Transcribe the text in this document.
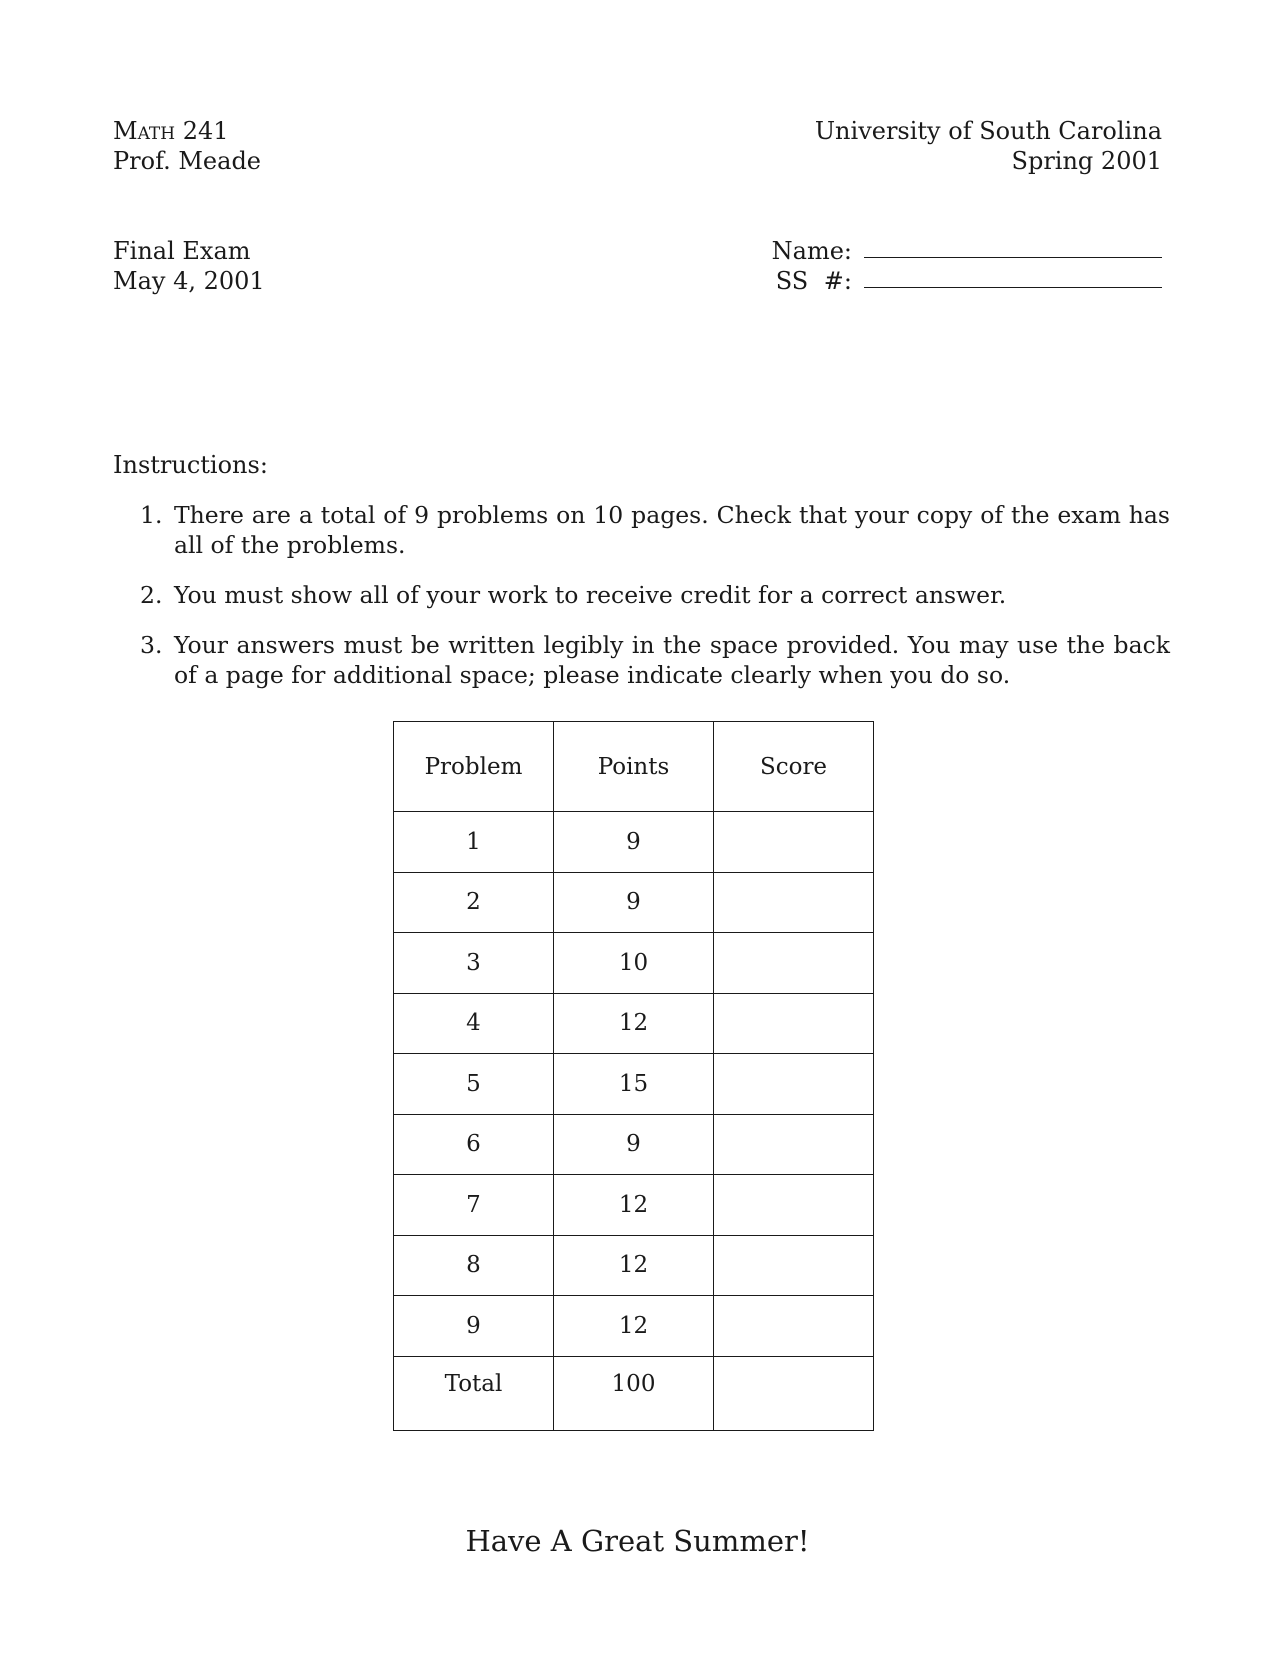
Math 241
Prof. Meade
University of South Carolina
Spring 2001
Final Exam
May 4, 2001
Name:
SS #:
Instructions:
1. There are a total of 9 problems on 10 pages. Check that your copy of the exam has all of the problems.
2. You must show all of your work to receive credit for a correct answer.
3. Your answers must be written legibly in the space provided. You may use the back of a page for additional space; please indicate clearly when you do so.
Problem	Points	Score
1	9	
2	9	
3	10	
4	12	
5	15	
6	9	
7	12	
8	12	
9	12	
Total	100	
Have A Great Summer!
